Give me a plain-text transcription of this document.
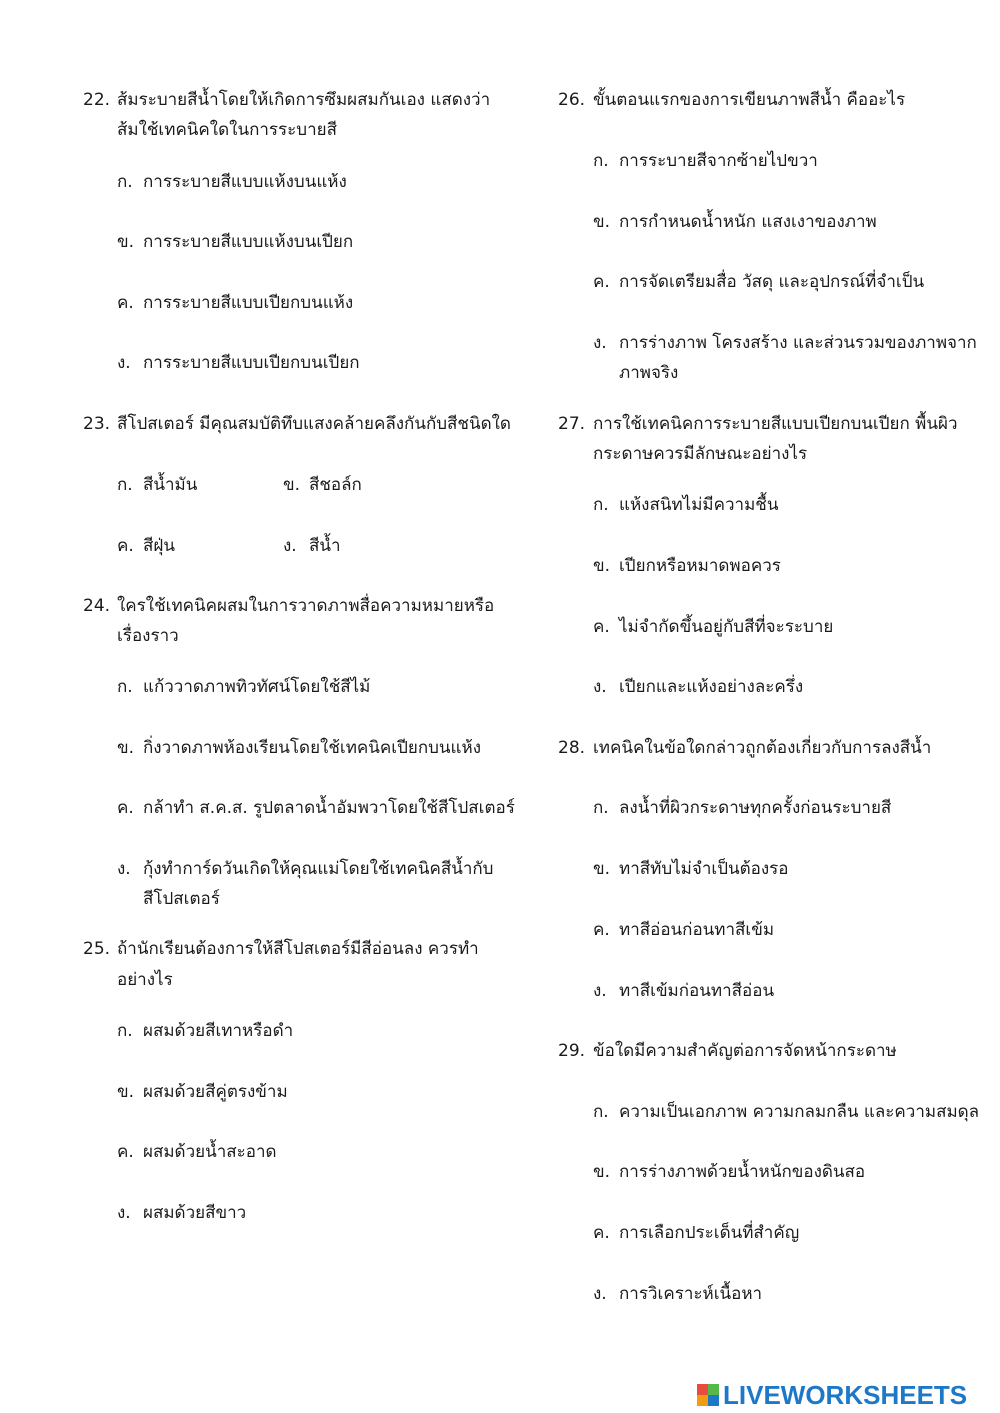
22. ส้มระบายสีน้ำโดยให้เกิดการซึมผสมกันเอง แสดงว่า
ส้มใช้เทคนิคใดในการระบายสี
ก. การระบายสีแบบแห้งบนแห้ง
ข. การระบายสีแบบแห้งบนเปียก
ค. การระบายสีแบบเปียกบนแห้ง
ง. การระบายสีแบบเปียกบนเปียก
23. สีโปสเตอร์ มีคุณสมบัติทึบแสงคล้ายคลึงกันกับสีชนิดใด
ก. สีน้ำมัน	ข. สีชอล์ก
ค. สีฝุ่น	ง. สีน้ำ
24. ใครใช้เทคนิคผสมในการวาดภาพสื่อความหมายหรือ
เรื่องราว
ก. แก้ววาดภาพทิวทัศน์โดยใช้สีไม้
ข. กิ่งวาดภาพห้องเรียนโดยใช้เทคนิคเปียกบนแห้ง
ค. กล้าทำ ส.ค.ส. รูปตลาดน้ำอัมพวาโดยใช้สีโปสเตอร์
ง. กุ้งทำการ์ดวันเกิดให้คุณแม่โดยใช้เทคนิคสีน้ำกับ
สีโปสเตอร์
25. ถ้านักเรียนต้องการให้สีโปสเตอร์มีสีอ่อนลง ควรทำ
อย่างไร
ก. ผสมด้วยสีเทาหรือดำ
ข. ผสมด้วยสีคู่ตรงข้าม
ค. ผสมด้วยน้ำสะอาด
ง. ผสมด้วยสีขาว
26. ขั้นตอนแรกของการเขียนภาพสีน้ำ คืออะไร
ก. การระบายสีจากซ้ายไปขวา
ข. การกำหนดน้ำหนัก แสงเงาของภาพ
ค. การจัดเตรียมสื่อ วัสดุ และอุปกรณ์ที่จำเป็น
ง. การร่างภาพ โครงสร้าง และส่วนรวมของภาพจาก
ภาพจริง
27. การใช้เทคนิคการระบายสีแบบเปียกบนเปียก พื้นผิว
กระดาษควรมีลักษณะอย่างไร
ก. แห้งสนิทไม่มีความชื้น
ข. เปียกหรือหมาดพอควร
ค. ไม่จำกัดขึ้นอยู่กับสีที่จะระบาย
ง. เปียกและแห้งอย่างละครึ่ง
28. เทคนิคในข้อใดกล่าวถูกต้องเกี่ยวกับการลงสีน้ำ
ก. ลงน้ำที่ผิวกระดาษทุกครั้งก่อนระบายสี
ข. ทาสีทับไม่จำเป็นต้องรอ
ค. ทาสีอ่อนก่อนทาสีเข้ม
ง. ทาสีเข้มก่อนทาสีอ่อน
29. ข้อใดมีความสำคัญต่อการจัดหน้ากระดาษ
ก. ความเป็นเอกภาพ ความกลมกลืน และความสมดุล
ข. การร่างภาพด้วยน้ำหนักของดินสอ
ค. การเลือกประเด็นที่สำคัญ
ง. การวิเคราะห์เนื้อหา
LIVEWORKSHEETS
